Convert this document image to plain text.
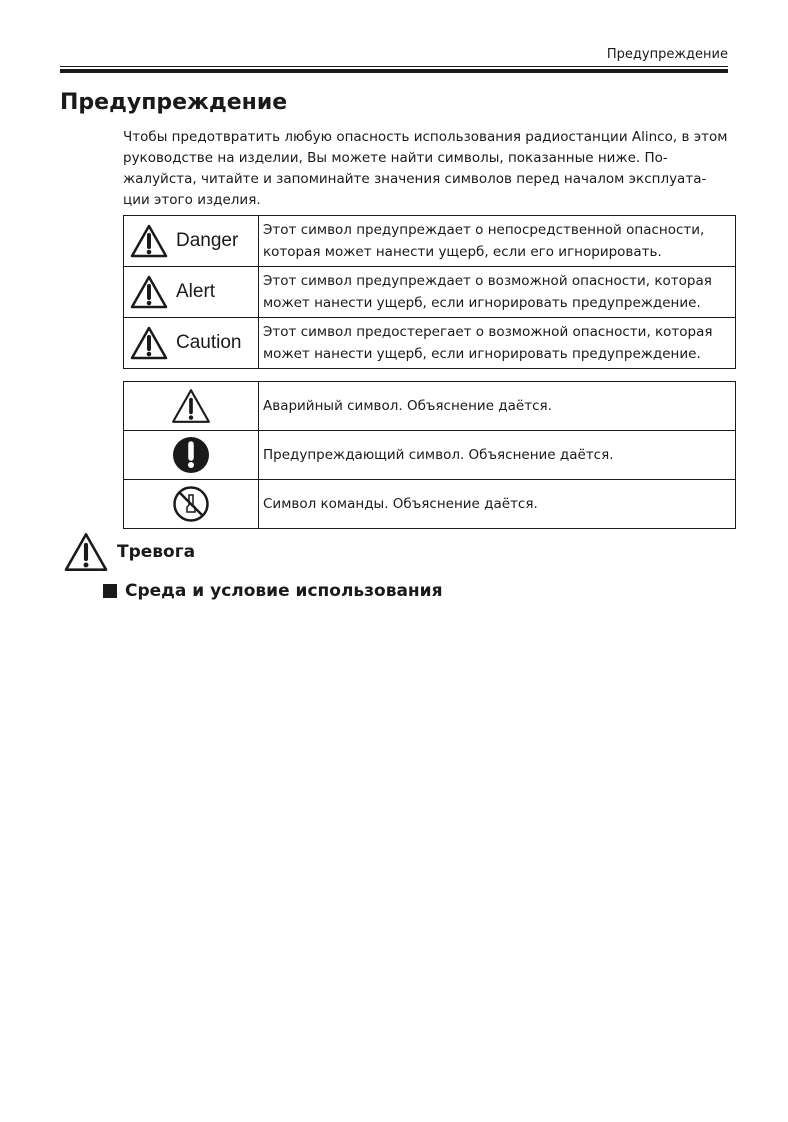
Предупреждение
Предупреждение

Чтобы предотвратить любую опасность использования радиостанции Alinco, в этом руководстве на изделии, Вы можете найти символы, показанные ниже. По-жалуйста, читайте и запоминайте значения символов перед началом эксплуата-ции этого изделия.

Danger	Этот символ предупреждает о непосредственной опасности, которая может нанести ущерб, если его игнорировать.

Alert	Этот символ предупреждает о возможной опасности, которая может нанести ущерб, если игнорировать предупреждение.

Caution	Этот символ предостерегает о возможной опасности, которая может нанести ущерб, если игнорировать предупреждение.
	Аварийный символ. Объяснение даётся.

	Предупреждающий символ. Объяснение даётся.

	Символ команды. Объяснение даётся.
Тревога
Среда и условие использования
